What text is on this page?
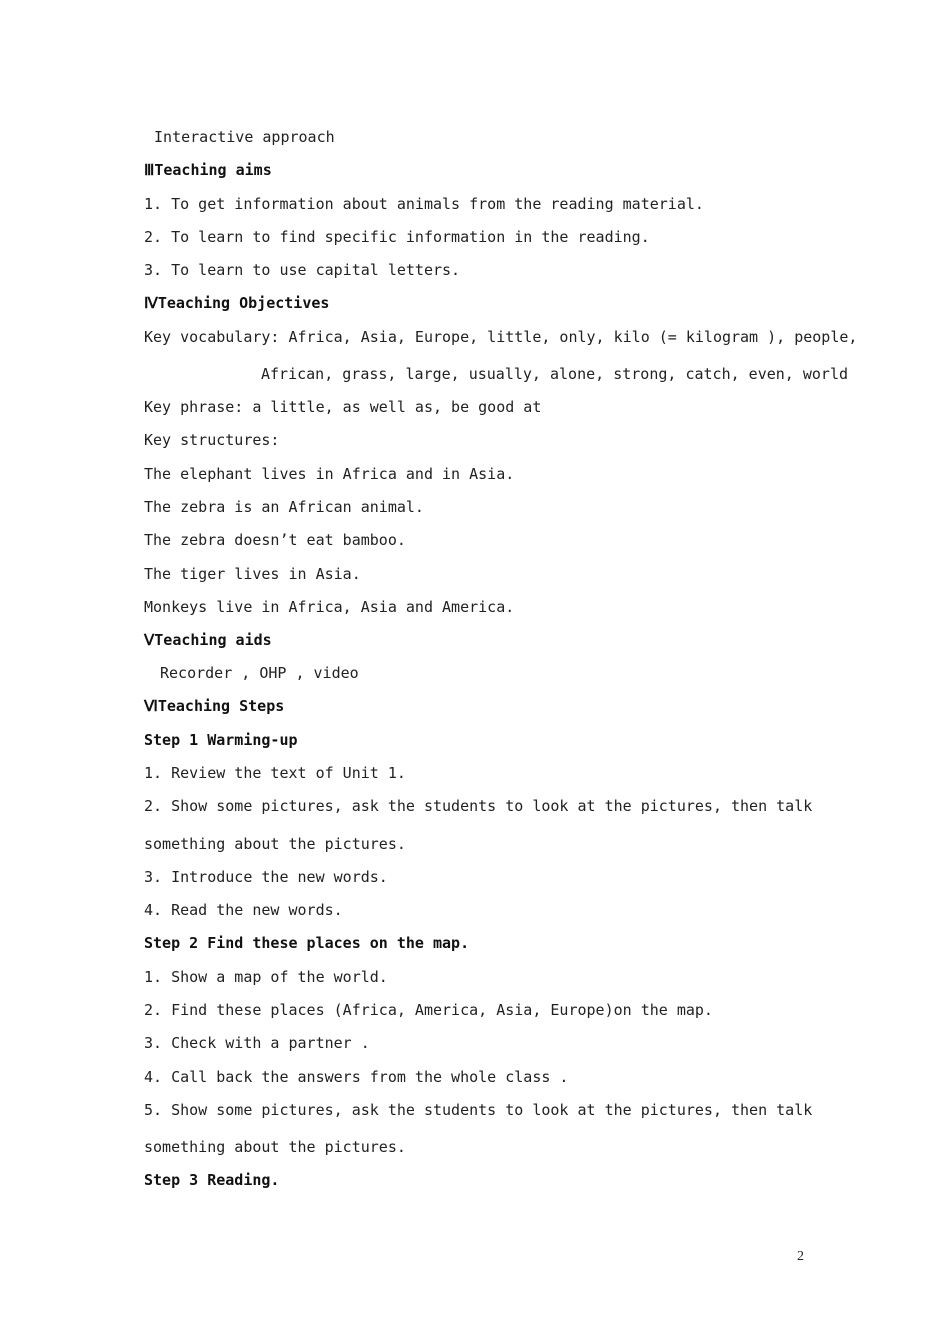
Interactive approach
ⅢTeaching aims
1. To get information about animals from the reading material.
2. To learn to find specific information in the reading.
3. To learn to use capital letters.
ⅣTeaching Objectives
Key vocabulary: Africa, Asia, Europe, little, only, kilo (= kilogram ), people,
African, grass, large, usually, alone, strong, catch, even, world
Key phrase: a little, as well as, be good at
Key structures:
The elephant lives in Africa and in Asia.
The zebra is an African animal.
The zebra doesn’t eat bamboo.
The tiger lives in Asia.
Monkeys live in Africa, Asia and America.
ⅤTeaching aids
Recorder , OHP , video
ⅥTeaching Steps
Step 1 Warming-up
1. Review the text of Unit 1.
2. Show some pictures, ask the students to look at the pictures, then talk
something about the pictures.
3. Introduce the new words.
4. Read the new words.
Step 2 Find these places on the map.
1. Show a map of the world.
2. Find these places (Africa, America, Asia, Europe)on the map.
3. Check with a partner .
4. Call back the answers from the whole class .
5. Show some pictures, ask the students to look at the pictures, then talk
something about the pictures.
Step 3 Reading.
2
